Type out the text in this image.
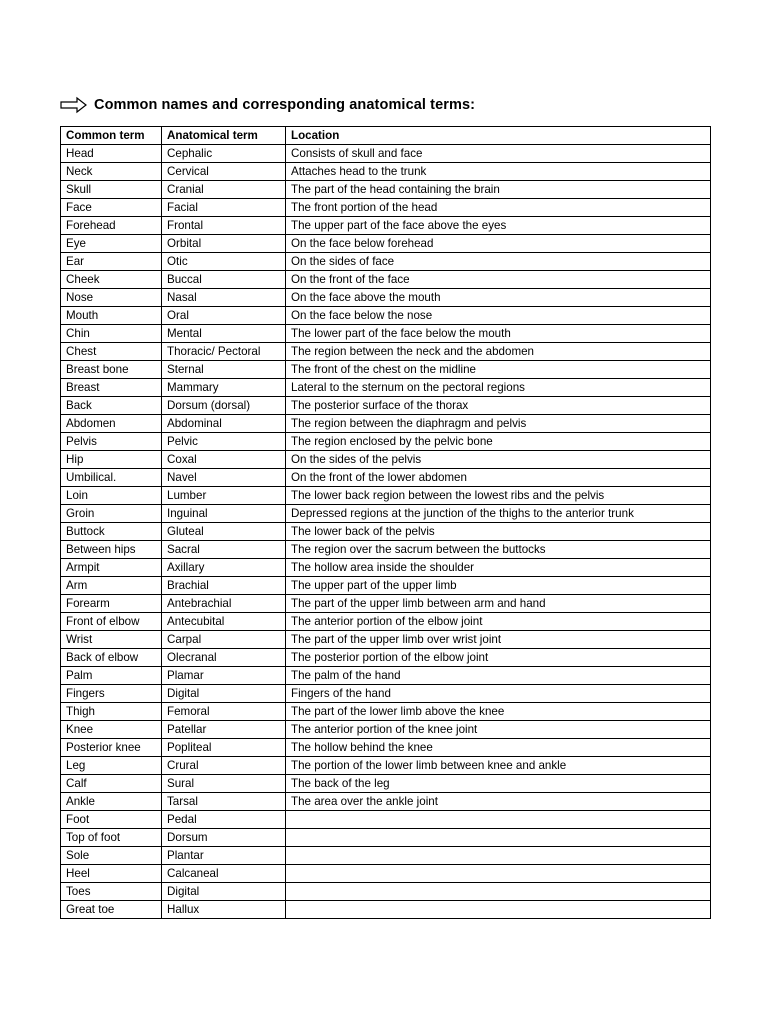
Common names and corresponding anatomical terms:
Common term	Anatomical term	Location
Head	Cephalic	Consists of skull and face
Neck	Cervical	Attaches head to the trunk
Skull	Cranial	The part of the head containing the brain
Face	Facial	The front portion of the head
Forehead	Frontal	The upper part of the face above the eyes
Eye	Orbital	On the face below forehead
Ear	Otic	On the sides of face
Cheek	Buccal	On the front of the face
Nose	Nasal	On the face above the mouth
Mouth	Oral	On the face below the nose
Chin	Mental	The lower part of the face below the mouth
Chest	Thoracic/ Pectoral	The region between the neck and the abdomen
Breast bone	Sternal	The front of the chest on the midline
Breast	Mammary	Lateral to the sternum on the pectoral regions
Back	Dorsum (dorsal)	The posterior surface of the thorax
Abdomen	Abdominal	The region between the diaphragm and pelvis
Pelvis	Pelvic	The region enclosed by the pelvic bone
Hip	Coxal	On the sides of the pelvis
Umbilical.	Navel	On the front of the lower abdomen
Loin	Lumber	The lower back region between the lowest ribs and the pelvis
Groin	Inguinal	Depressed regions at the junction of the thighs to the anterior trunk
Buttock	Gluteal	The lower back of the pelvis
Between hips	Sacral	The region over the sacrum between the buttocks
Armpit	Axillary	The hollow area inside the shoulder
Arm	Brachial	The upper part of the upper limb
Forearm	Antebrachial	The part of the upper limb between arm and hand
Front of elbow	Antecubital	The anterior portion of the elbow joint
Wrist	Carpal	The part of the upper limb over wrist joint
Back of elbow	Olecranal	The posterior portion of the elbow joint
Palm	Plamar	The palm of the hand
Fingers	Digital	Fingers of the hand
Thigh	Femoral	The part of the lower limb above the knee
Knee	Patellar	The anterior portion of the knee joint
Posterior knee	Popliteal	The hollow behind the knee
Leg	Crural	The portion of the lower limb between knee and ankle
Calf	Sural	The back of the leg
Ankle	Tarsal	The area over the ankle joint
Foot	Pedal	
Top of foot	Dorsum	
Sole	Plantar	
Heel	Calcaneal	
Toes	Digital	
Great toe	Hallux	
